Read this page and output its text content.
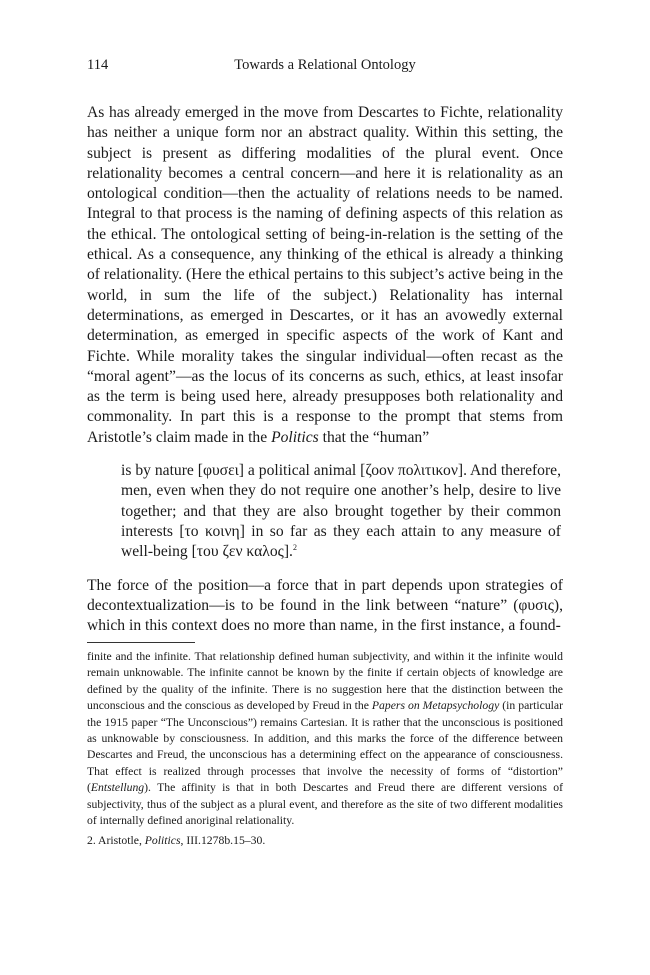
114	Towards a Relational Ontology

As has already emerged in the move from Descartes to Fichte, relationality has neither a unique form nor an abstract quality. Within this setting, the subject is present as differing modalities of the plural event. Once relationality becomes a central concern—and here it is relationality as an ontological condition—then the actuality of relations needs to be named. Integral to that process is the naming of defining aspects of this relation as the ethical. The ontological setting of being-in-relation is the setting of the ethical. As a consequence, any thinking of the ethical is already a thinking of relationality. (Here the ethical pertains to this subject’s active being in the world, in sum the life of the subject.) Relationality has internal determinations, as emerged in Descartes, or it has an avowedly external determination, as emerged in specific aspects of the work of Kant and Fichte. While morality takes the singular individual—often recast as the “moral agent”—as the locus of its concerns as such, ethics, at least insofar as the term is being used here, already presupposes both relationality and commonality. In part this is a response to the prompt that stems from Aristotle’s claim made in the Politics that the “human”

is by nature [φυσει] a political animal [ζοον πολιτικον]. And therefore, men, even when they do not require one another’s help, desire to live together; and that they are also brought together by their common interests [το κοινη] in so far as they each attain to any measure of well-being [του ζεν καλος].$^2$

The force of the position—a force that in part depends upon strategies of decontextualization—is to be found in the link between “nature” (φυσις), which in this context does no more than name, in the first instance, a found-

finite and the infinite. That relationship defined human subjectivity, and within it the infinite would remain unknowable. The infinite cannot be known by the finite if certain objects of knowledge are defined by the quality of the infinite. There is no suggestion here that the distinction between the unconscious and the conscious as developed by Freud in the Papers on Metapsychology (in particular the 1915 paper “The Unconscious”) remains Cartesian. It is rather that the unconscious is positioned as unknowable by consciousness. In addition, and this marks the force of the difference between Descartes and Freud, the unconscious has a determining effect on the appearance of consciousness. That effect is realized through processes that involve the necessity of forms of “distortion” (Entstellung). The affinity is that in both Descartes and Freud there are different versions of subjectivity, thus of the subject as a plural event, and therefore as the site of two different modalities of internally defined anoriginal relationality.

2. Aristotle, Politics, III.1278b.15–30.
